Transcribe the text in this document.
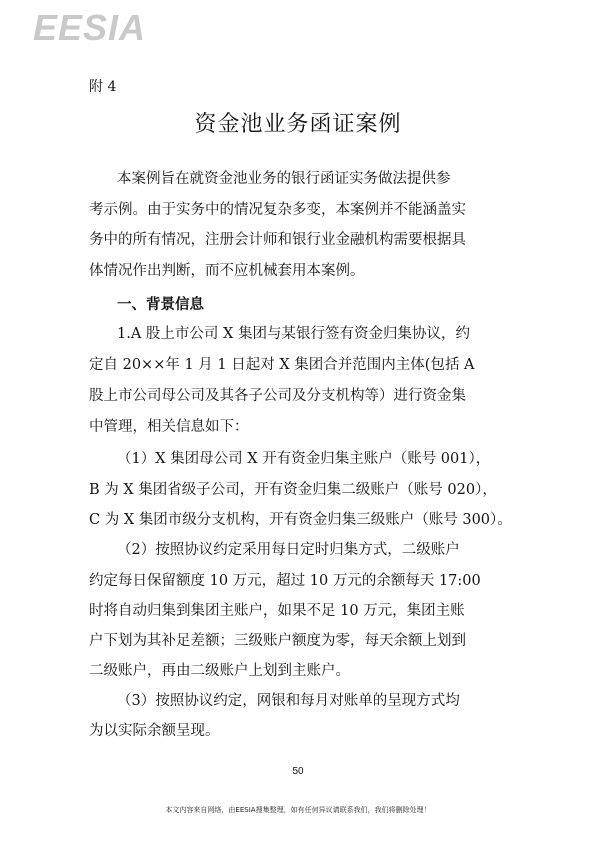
EESIA
附 4
资金池业务函证案例
本案例旨在就资金池业务的银行函证实务做法提供参
考示例。由于实务中的情况复杂多变，本案例并不能涵盖实
务中的所有情况，注册会计师和银行业金融机构需要根据具
体情况作出判断，而不应机械套用本案例。
一、背景信息
1.A 股上市公司 X 集团与某银行签有资金归集协议，约
定自 20××年 1 月 1 日起对 X 集团合并范围内主体(包括 A
股上市公司母公司及其各子公司及分支机构等）进行资金集
中管理，相关信息如下：
（1）X 集团母公司 X 开有资金归集主账户（账号 001），
B 为 X 集团省级子公司，开有资金归集二级账户（账号 020），
C 为 X 集团市级分支机构，开有资金归集三级账户（账号 300）。
（2）按照协议约定采用每日定时归集方式，二级账户
约定每日保留额度 10 万元，超过 10 万元的余额每天 17:00
时将自动归集到集团主账户，如果不足 10 万元，集团主账
户下划为其补足差额；三级账户额度为零，每天余额上划到
二级账户，再由二级账户上划到主账户。
（3）按照协议约定，网银和每月对账单的呈现方式均
为以实际余额呈现。
50
本文内容来自网络，由EESIA搜集整理，如有任何异议请联系我们，我们将删除处理！
